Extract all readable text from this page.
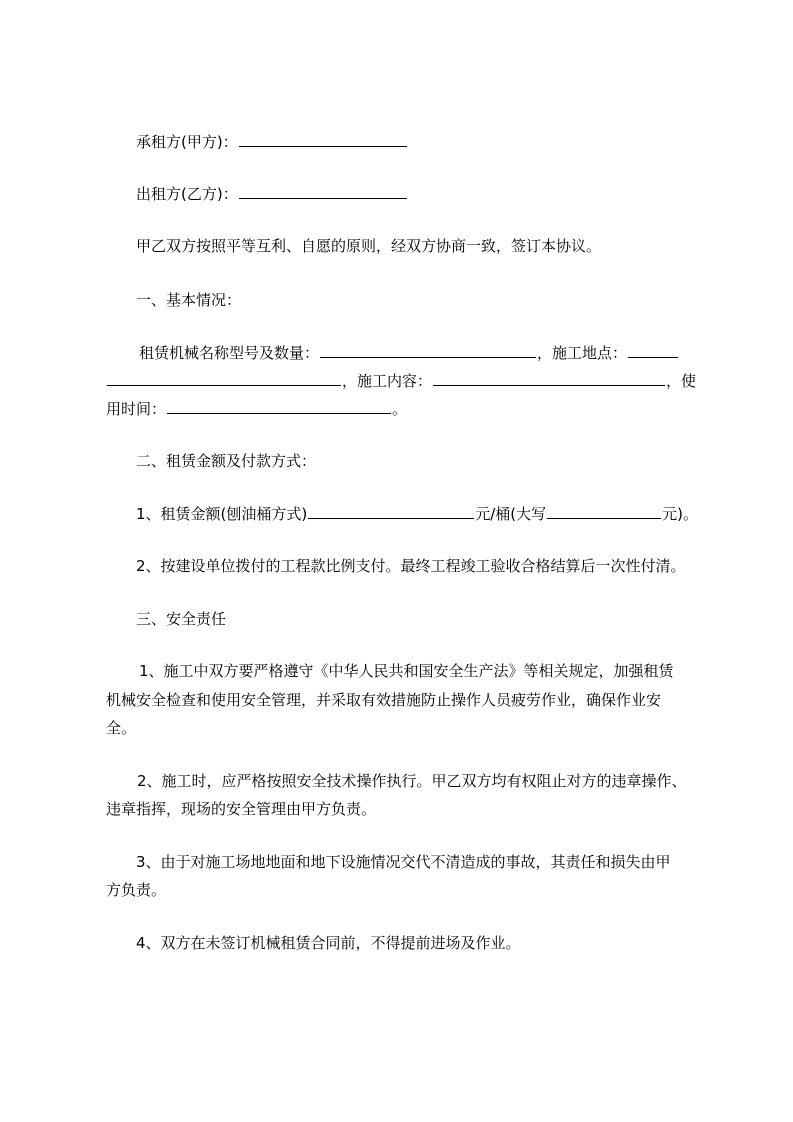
承租方(甲方)：
出租方(乙方)：
甲乙双方按照平等互利、自愿的原则，经双方协商一致，签订本协议。
一、基本情况：
租赁机械名称型号及数量：	，施工地点：
，施工内容：	，使
用时间：	。
二、租赁金额及付款方式：
1、租赁金额(刨油桶方式)	元/桶(大写	元)。
2、按建设单位拨付的工程款比例支付。最终工程竣工验收合格结算后一次性付清。
三、安全责任
1、施工中双方要严格遵守《中华人民共和国安全生产法》等相关规定，加强租赁
机械安全检查和使用安全管理，并采取有效措施防止操作人员疲劳作业，确保作业安
全。
2、施工时，应严格按照安全技术操作执行。甲乙双方均有权阻止对方的违章操作、
违章指挥，现场的安全管理由甲方负责。
3、由于对施工场地地面和地下设施情况交代不清造成的事故，其责任和损失由甲
方负责。
4、双方在未签订机械租赁合同前，不得提前进场及作业。
